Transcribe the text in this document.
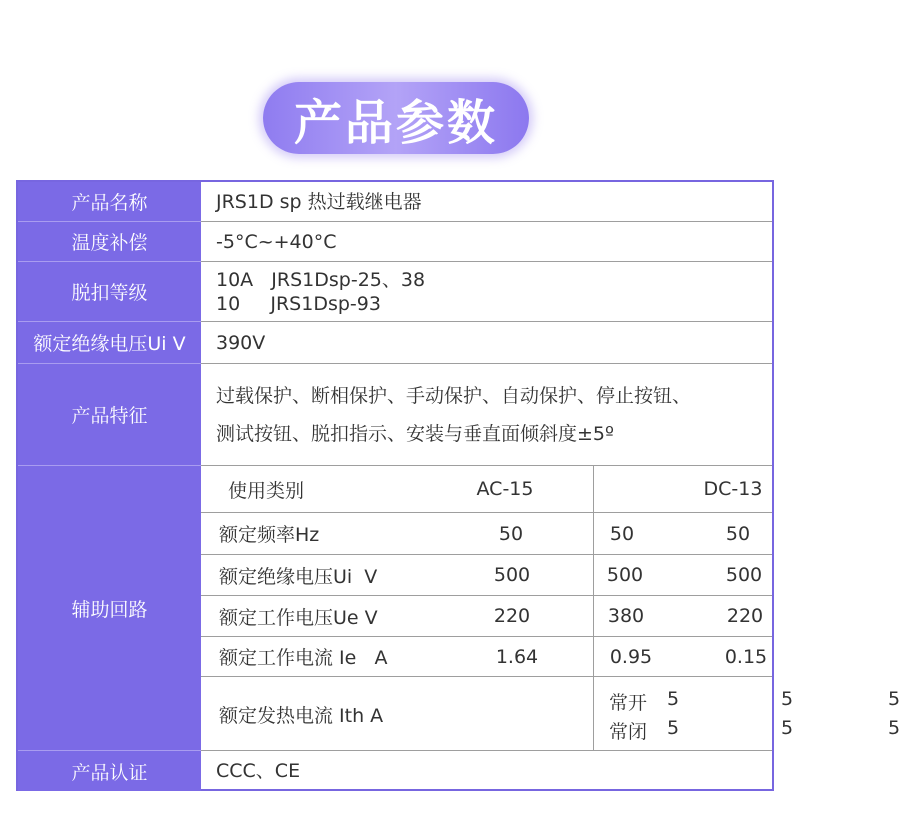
产品参数
产品名称	JRS1D sp 热过载继电器
温度补偿	-5°C~+40°C
脱扣等级
10A   JRS1Dsp-25、38
10     JRS1Dsp-93
额定绝缘电压Ui V	390V
产品特征
过载保护、断相保护、手动保护、自动保护、停止按钮、
测试按钮、脱扣指示、安装与垂直面倾斜度±5º
辅助回路
使用类别	AC-15	DC-13
额定频率Hz	50	50	50
额定绝缘电压Ui  V	500	500	500
额定工作电压Ue V	220	380	220
额定工作电流 Ie   A	1.64	0.95	0.15
额定发热电流 Ith A
常开 5	5	5
常闭 5	5	5
产品认证	CCC、CE
